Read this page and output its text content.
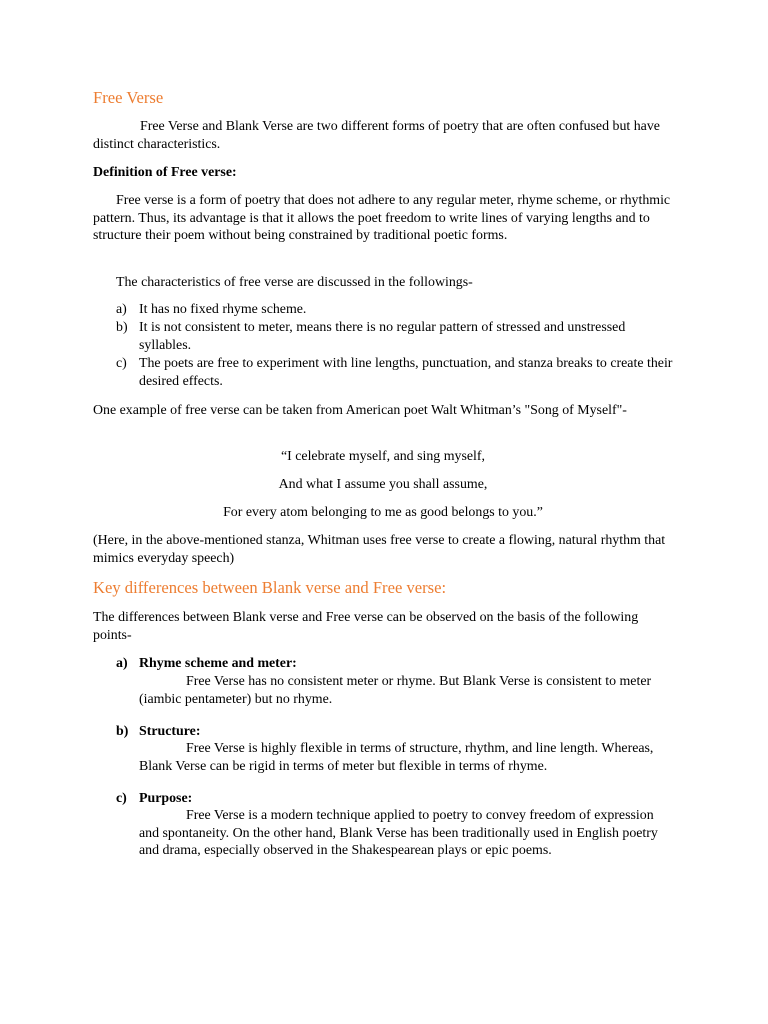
Free Verse

Free Verse and Blank Verse are two different forms of poetry that are often confused but have distinct characteristics.

Definition of Free verse:

Free verse is a form of poetry that does not adhere to any regular meter, rhyme scheme, or rhythmic pattern. Thus, its advantage is that it allows the poet freedom to write lines of varying lengths and to structure their poem without being constrained by traditional poetic forms.

The characteristics of free verse are discussed in the followings-

a) It has no fixed rhyme scheme.
b) It is not consistent to meter, means there is no regular pattern of stressed and unstressed syllables.
c) The poets are free to experiment with line lengths, punctuation, and stanza breaks to create their desired effects.

One example of free verse can be taken from American poet Walt Whitman’s "Song of Myself"-

“I celebrate myself, and sing myself,

And what I assume you shall assume,

For every atom belonging to me as good belongs to you.”

(Here, in the above-mentioned stanza, Whitman uses free verse to create a flowing, natural rhythm that mimics everyday speech)

Key differences between Blank verse and Free verse:

The differences between Blank verse and Free verse can be observed on the basis of the following points-

a) Rhyme scheme and meter:
Free Verse has no consistent meter or rhyme. But Blank Verse is consistent to meter (iambic pentameter) but no rhyme.
b) Structure:
Free Verse is highly flexible in terms of structure, rhythm, and line length. Whereas, Blank Verse can be rigid in terms of meter but flexible in terms of rhyme.
c) Purpose:
Free Verse is a modern technique applied to poetry to convey freedom of expression and spontaneity. On the other hand, Blank Verse has been traditionally used in English poetry and drama, especially observed in the Shakespearean plays or epic poems.
